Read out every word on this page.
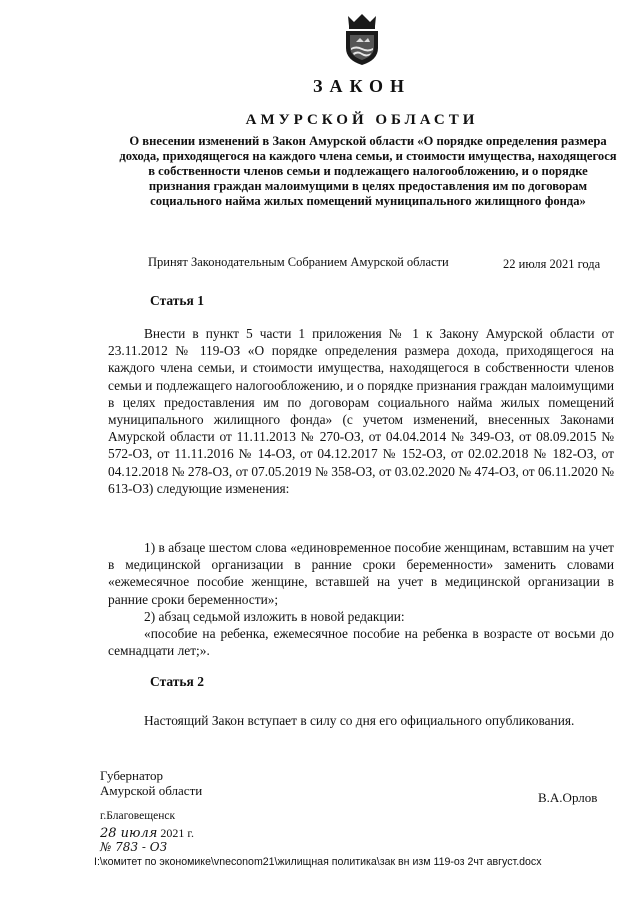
ЗАКОН
АМУРСКОЙ ОБЛАСТИ
О внесении изменений в Закон Амурской области «О порядке определения размера дохода, приходящегося на каждого члена семьи, и стоимости имущества, находящегося в собственности членов семьи и подлежащего налогообложению, и о порядке признания граждан малоимущими в целях предоставления им по договорам социального найма жилых помещений муниципального жилищного фонда»
Принят Законодательным Собранием Амурской области	22 июля 2021 года
Статья 1

Внести в пункт 5 части 1 приложения № 1 к Закону Амурской области от 23.11.2012 № 119-ОЗ «О порядке определения размера дохода, приходящегося на каждого члена семьи, и стоимости имущества, находящегося в собственности членов семьи и подлежащего налогообложению, и о порядке признания граждан малоимущими в целях предоставления им по договорам социального найма жилых помещений муниципального жилищного фонда» (с учетом изменений, внесенных Законами Амурской области от 11.11.2013 № 270-ОЗ, от 04.04.2014 № 349-ОЗ, от 08.09.2015 № 572-ОЗ, от 11.11.2016 № 14-ОЗ, от 04.12.2017 № 152-ОЗ, от 02.02.2018 № 182-ОЗ, от 04.12.2018 № 278-ОЗ, от 07.05.2019 № 358-ОЗ, от 03.02.2020 № 474-ОЗ, от 06.11.2020 № 613-ОЗ) следующие изменения:

1) в абзаце шестом слова «единовременное пособие женщинам, вставшим на учет в медицинской организации в ранние сроки беременности» заменить словами «ежемесячное пособие женщине, вставшей на учет в медицинской организации в ранние сроки беременности»;

2) абзац седьмой изложить в новой редакции:

«пособие на ребенка, ежемесячное пособие на ребенка в возрасте от восьми до семнадцати лет;».

Статья 2

Настоящий Закон вступает в силу со дня его официального опубликования.

Губернатор
Амурской области	В.А.Орлов
г.Благовещенск
28 июля 2021 г.
№ 783 - ОЗ
I:\комитет по экономике\vneconom21\жилищная политика\зак вн изм 119-оз 2чт август.docx
